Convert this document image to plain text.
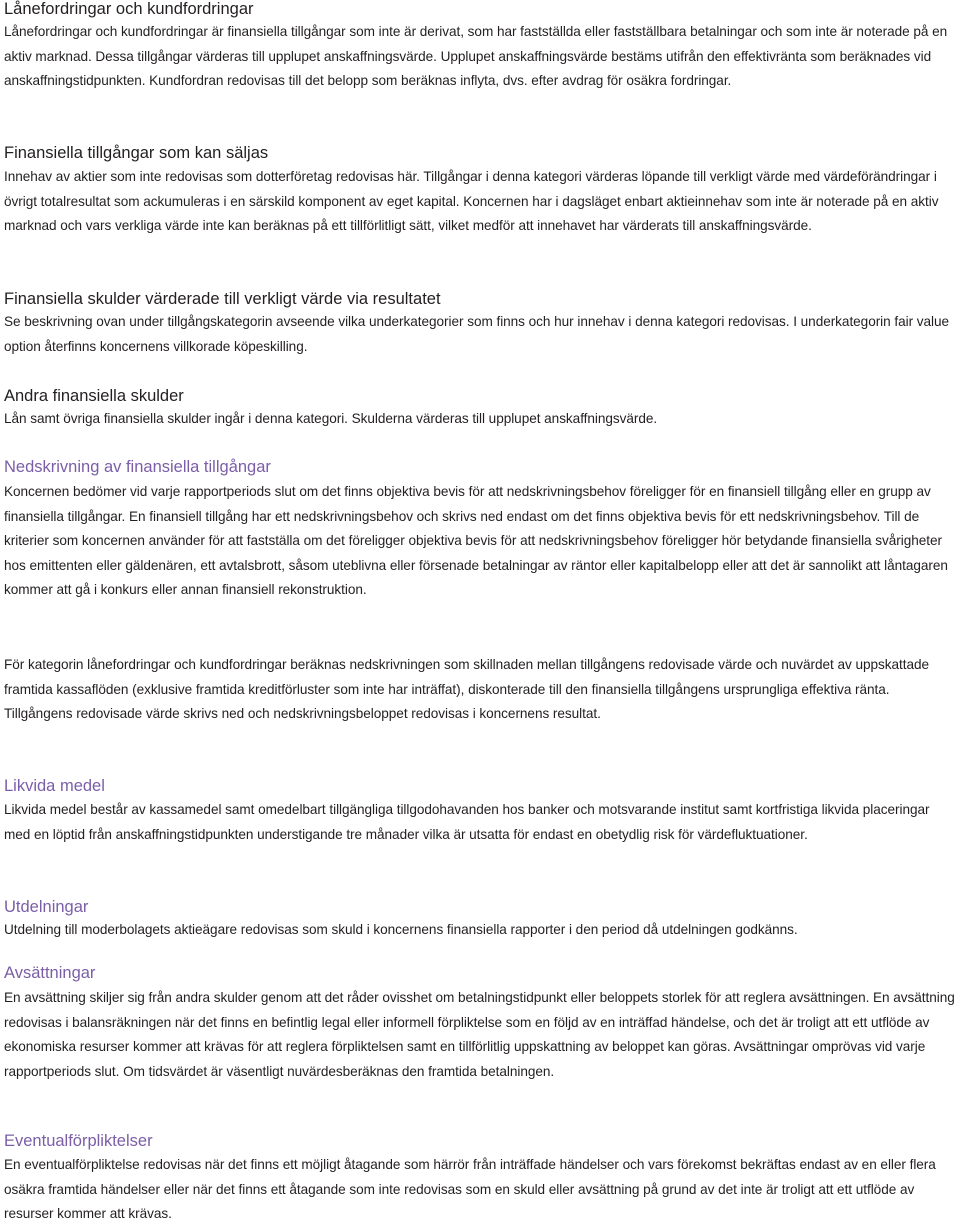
Lånefordringar och kundfordringar

Lånefordringar och kundfordringar är finansiella tillgångar som inte är derivat, som har fastställda eller fastställbara betalningar och som inte är noterade på en aktiv marknad. Dessa tillgångar värderas till upplupet anskaffningsvärde. Upplupet anskaffningsvärde bestäms utifrån den effektivränta som beräknades vid anskaffningstidpunkten. Kundfordran redovisas till det belopp som beräknas inflyta, dvs. efter avdrag för osäkra fordringar.

Finansiella tillgångar som kan säljas

Innehav av aktier som inte redovisas som dotterföretag redovisas här. Tillgångar i denna kategori värderas löpande till verkligt värde med värdeförändringar i övrigt totalresultat som ackumuleras i en särskild komponent av eget kapital. Koncernen har i dagsläget enbart aktieinnehav som inte är noterade på en aktiv marknad och vars verkliga värde inte kan beräknas på ett tillförlitligt sätt, vilket medför att innehavet har värderats till anskaffningsvärde.

Finansiella skulder värderade till verkligt värde via resultatet

Se beskrivning ovan under tillgångskategorin avseende vilka underkategorier som finns och hur innehav i denna kategori redovisas. I underkategorin fair value option återfinns koncernens villkorade köpeskilling.

Andra finansiella skulder

Lån samt övriga finansiella skulder ingår i denna kategori. Skulderna värderas till upplupet anskaffningsvärde.

Nedskrivning av finansiella tillgångar

Koncernen bedömer vid varje rapportperiods slut om det finns objektiva bevis för att nedskrivningsbehov föreligger för en finansiell tillgång eller en grupp av finansiella tillgångar. En finansiell tillgång har ett nedskrivningsbehov och skrivs ned endast om det finns objektiva bevis för ett nedskrivningsbehov. Till de kriterier som koncernen använder för att fastställa om det föreligger objektiva bevis för att nedskrivningsbehov föreligger hör betydande finansiella svårigheter hos emittenten eller gäldenären, ett avtalsbrott, såsom uteblivna eller försenade betalningar av räntor eller kapitalbelopp eller att det är sannolikt att låntagaren kommer att gå i konkurs eller annan finansiell rekonstruktion.

För kategorin lånefordringar och kundfordringar beräknas nedskrivningen som skillnaden mellan tillgångens redovisade värde och nuvärdet av uppskattade framtida kassaflöden (exklusive framtida kreditförluster som inte har inträffat), diskonterade till den finansiella tillgångens ursprungliga effektiva ränta. Tillgångens redovisade värde skrivs ned och nedskrivningsbeloppet redovisas i koncernens resultat.

Likvida medel

Likvida medel består av kassamedel samt omedelbart tillgängliga tillgodohavanden hos banker och motsvarande institut samt kortfristiga likvida placeringar med en löptid från anskaffningstidpunkten understigande tre månader vilka är utsatta för endast en obetydlig risk för värdefluktuationer.

Utdelningar

Utdelning till moderbolagets aktieägare redovisas som skuld i koncernens finansiella rapporter i den period då utdelningen godkänns.

Avsättningar

En avsättning skiljer sig från andra skulder genom att det råder ovisshet om betalningstidpunkt eller beloppets storlek för att reglera avsättningen. En avsättning redovisas i balansräkningen när det finns en befintlig legal eller informell förpliktelse som en följd av en inträffad händelse, och det är troligt att ett utflöde av ekonomiska resurser kommer att krävas för att reglera förpliktelsen samt en tillförlitlig uppskattning av beloppet kan göras. Avsättningar omprövas vid varje rapportperiods slut. Om tidsvärdet är väsentligt nuvärdesberäknas den framtida betalningen.

Eventualförpliktelser

En eventualförpliktelse redovisas när det finns ett möjligt åtagande som härrör från inträffade händelser och vars förekomst bekräftas endast av en eller flera osäkra framtida händelser eller när det finns ett åtagande som inte redovisas som en skuld eller avsättning på grund av det inte är troligt att ett utflöde av resurser kommer att krävas.
